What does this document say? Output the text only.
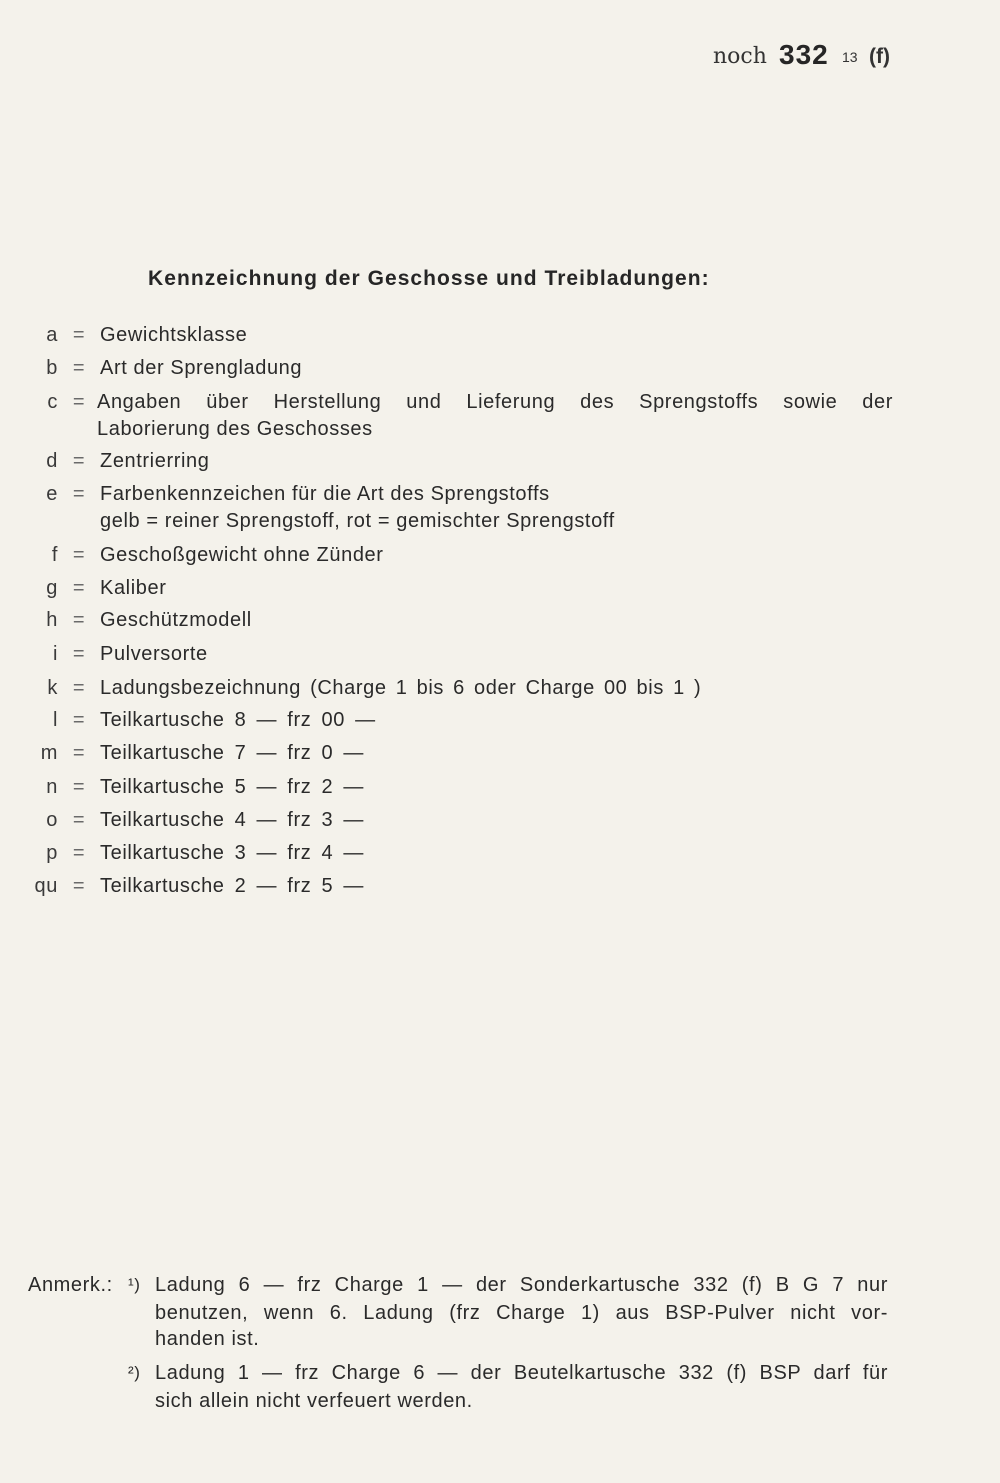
noch 332 13 (f)
Kennzeichnung der Geschosse und Treibladungen:
a = Gewichtsklasse
b = Art der Sprengladung
c = Angaben über Herstellung und Lieferung des Sprengstoffs sowie der
Laborierung des Geschosses
d = Zentrierring
e = Farbenkennzeichen für die Art des Sprengstoffs
gelb = reiner Sprengstoff, rot = gemischter Sprengstoff
f = Geschoßgewicht ohne Zünder
g = Kaliber
h = Geschützmodell
i = Pulversorte
k = Ladungsbezeichnung (Charge 1 bis 6 oder Charge 00 bis 1 )
l = Teilkartusche 8 — frz 00 —
m = Teilkartusche 7 — frz 0 —
n = Teilkartusche 5 — frz 2 —
o = Teilkartusche 4 — frz 3 —
p = Teilkartusche 3 — frz 4 —
qu = Teilkartusche 2 — frz 5 —
Anmerk.: ¹) Ladung 6 — frz Charge 1 — der Sonderkartusche 332 (f) B G 7 nur
benutzen, wenn 6. Ladung (frz Charge 1) aus BSP-Pulver nicht vor-
handen ist.
²) Ladung 1 — frz Charge 6 — der Beutelkartusche 332 (f) BSP darf für
sich allein nicht verfeuert werden.
